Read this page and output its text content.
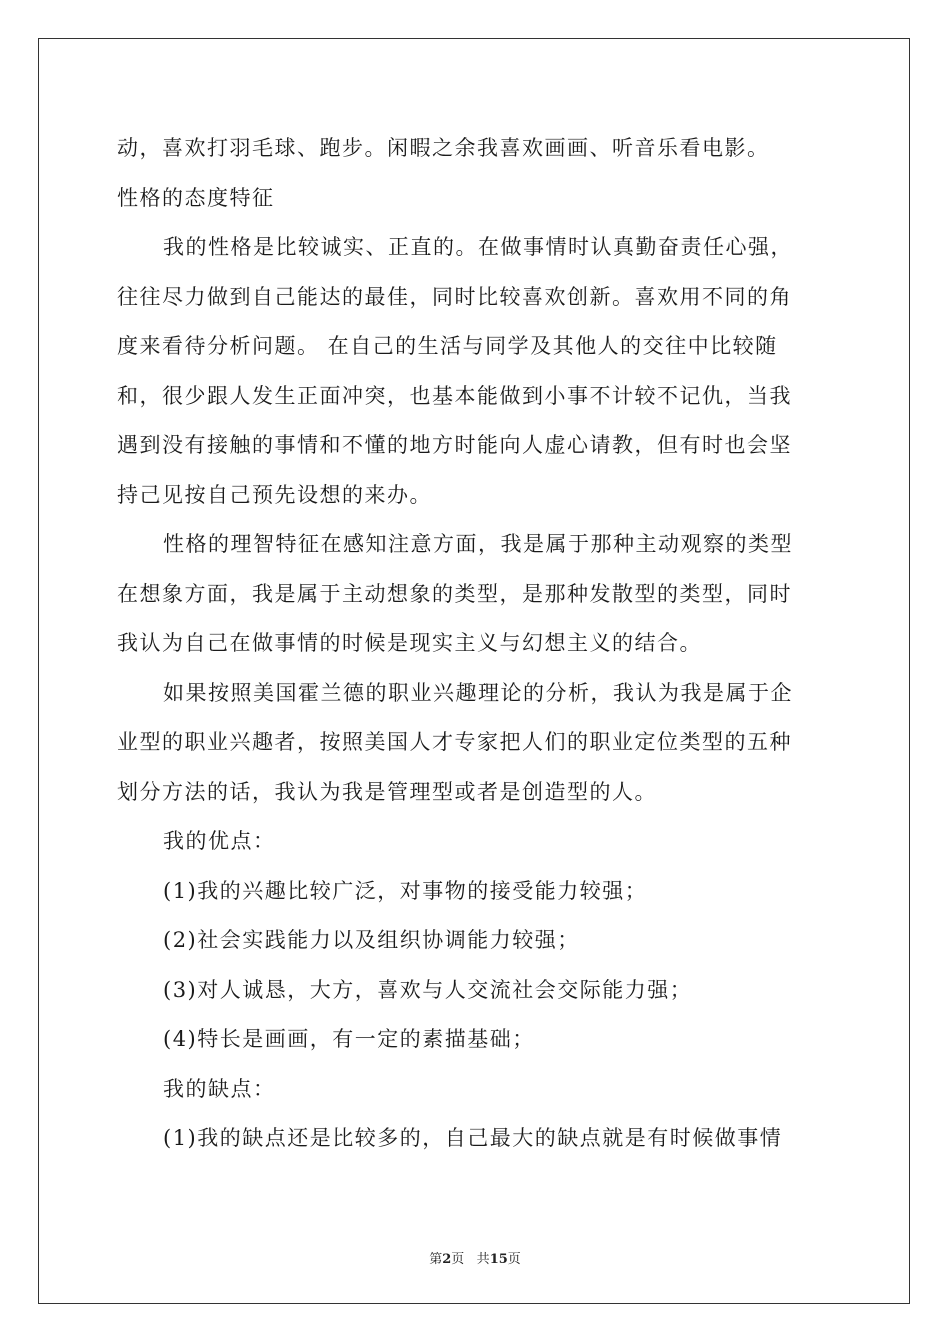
动，喜欢打羽毛球、跑步。闲暇之余我喜欢画画、听音乐看电影。
性格的态度特征
我的性格是比较诚实、正直的。在做事情时认真勤奋责任心强，
往往尽力做到自己能达的最佳，同时比较喜欢创新。喜欢用不同的角
度来看待分析问题。 在自己的生活与同学及其他人的交往中比较随
和，很少跟人发生正面冲突，也基本能做到小事不计较不记仇，当我
遇到没有接触的事情和不懂的地方时能向人虚心请教，但有时也会坚
持己见按自己预先设想的来办。
性格的理智特征在感知注意方面，我是属于那种主动观察的类型
在想象方面，我是属于主动想象的类型，是那种发散型的类型，同时
我认为自己在做事情的时候是现实主义与幻想主义的结合。
如果按照美国霍兰德的职业兴趣理论的分析，我认为我是属于企
业型的职业兴趣者，按照美国人才专家把人们的职业定位类型的五种
划分方法的话，我认为我是管理型或者是创造型的人。
我的优点：
(1)我的兴趣比较广泛，对事物的接受能力较强；
(2)社会实践能力以及组织协调能力较强；
(3)对人诚恳，大方，喜欢与人交流社会交际能力强；
(4)特长是画画，有一定的素描基础；
我的缺点：
(1)我的缺点还是比较多的，自己最大的缺点就是有时候做事情
第2页 共15页
